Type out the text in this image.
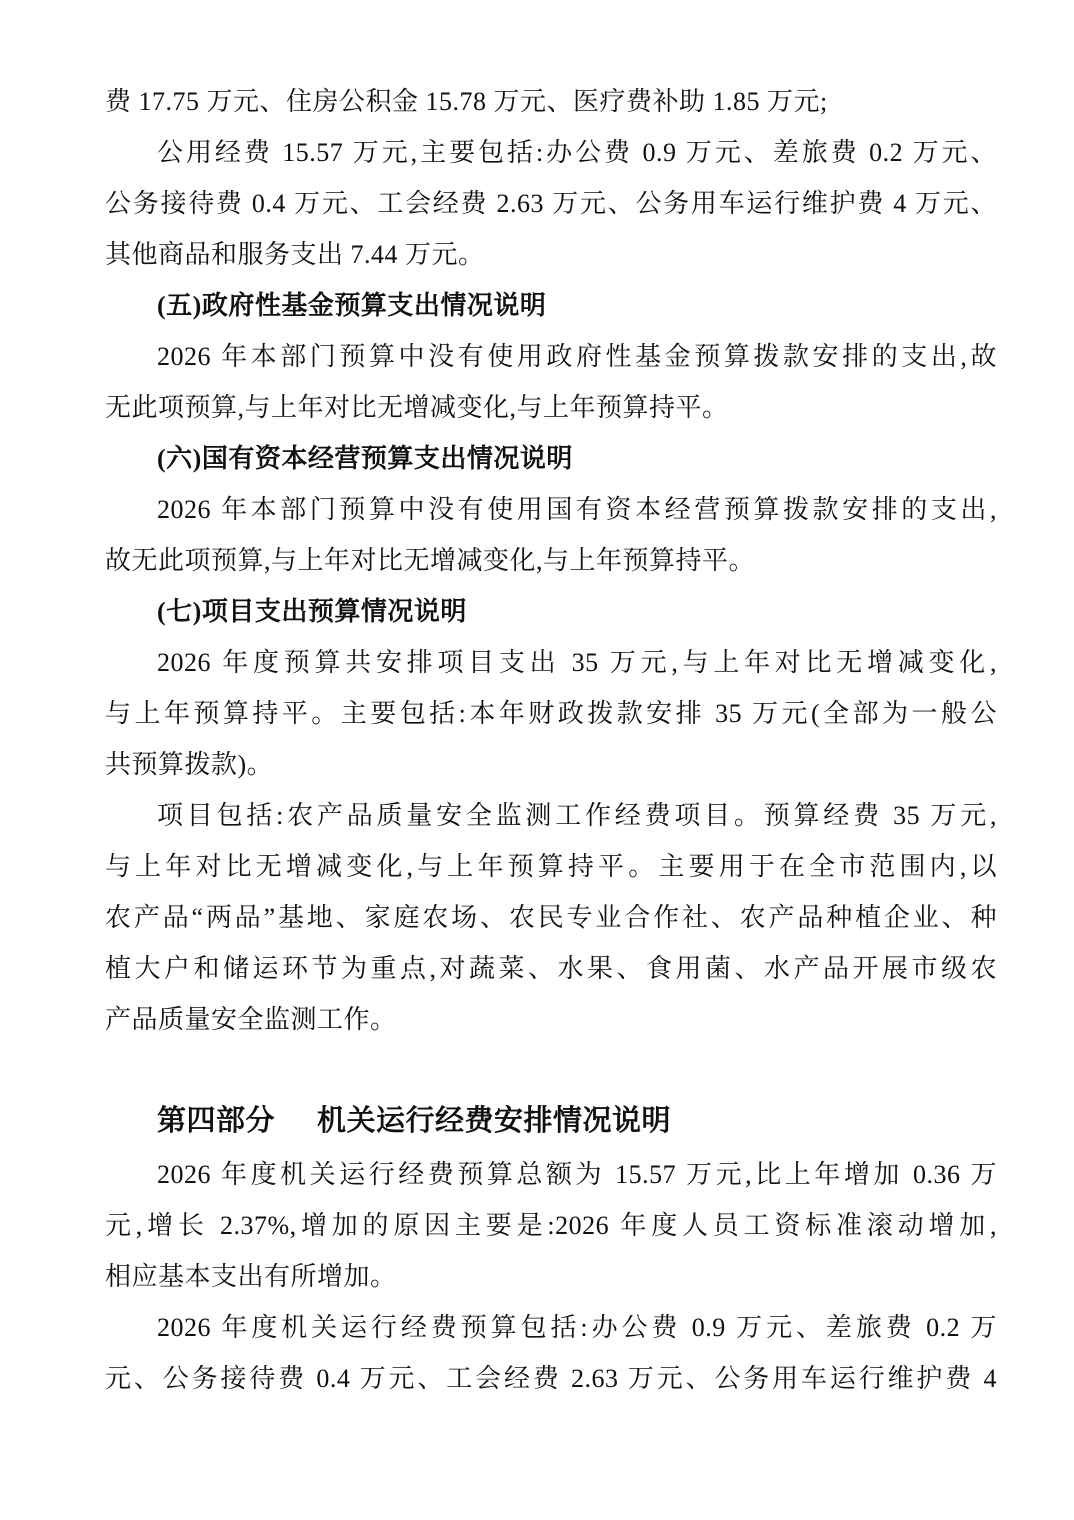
费 17.75 万元、住房公积金 15.78 万元、医疗费补助 1.85 万元;
公用经费 15.57 万元,主要包括:办公费 0.9 万元、差旅费 0.2 万元、
公务接待费 0.4 万元、工会经费 2.63 万元、公务用车运行维护费 4 万元、
其他商品和服务支出 7.44 万元。
(五)政府性基金预算支出情况说明
2026 年本部门预算中没有使用政府性基金预算拨款安排的支出,故
无此项预算,与上年对比无增减变化,与上年预算持平。
(六)国有资本经营预算支出情况说明
2026 年本部门预算中没有使用国有资本经营预算拨款安排的支出,
故无此项预算,与上年对比无增减变化,与上年预算持平。
(七)项目支出预算情况说明
2026 年度预算共安排项目支出 35 万元,与上年对比无增减变化,
与上年预算持平。主要包括:本年财政拨款安排 35 万元(全部为一般公
共预算拨款)。
项目包括:农产品质量安全监测工作经费项目。预算经费 35 万元,
与上年对比无增减变化,与上年预算持平。主要用于在全市范围内,以
农产品“两品”基地、家庭农场、农民专业合作社、农产品种植企业、种
植大户和储运环节为重点,对蔬菜、水果、食用菌、水产品开展市级农
产品质量安全监测工作。
第四部分 机关运行经费安排情况说明
2026 年度机关运行经费预算总额为 15.57 万元,比上年增加 0.36 万
元,增长 2.37%,增加的原因主要是:2026 年度人员工资标准滚动增加,
相应基本支出有所增加。
2026 年度机关运行经费预算包括:办公费 0.9 万元、差旅费 0.2 万
元、公务接待费 0.4 万元、工会经费 2.63 万元、公务用车运行维护费 4
